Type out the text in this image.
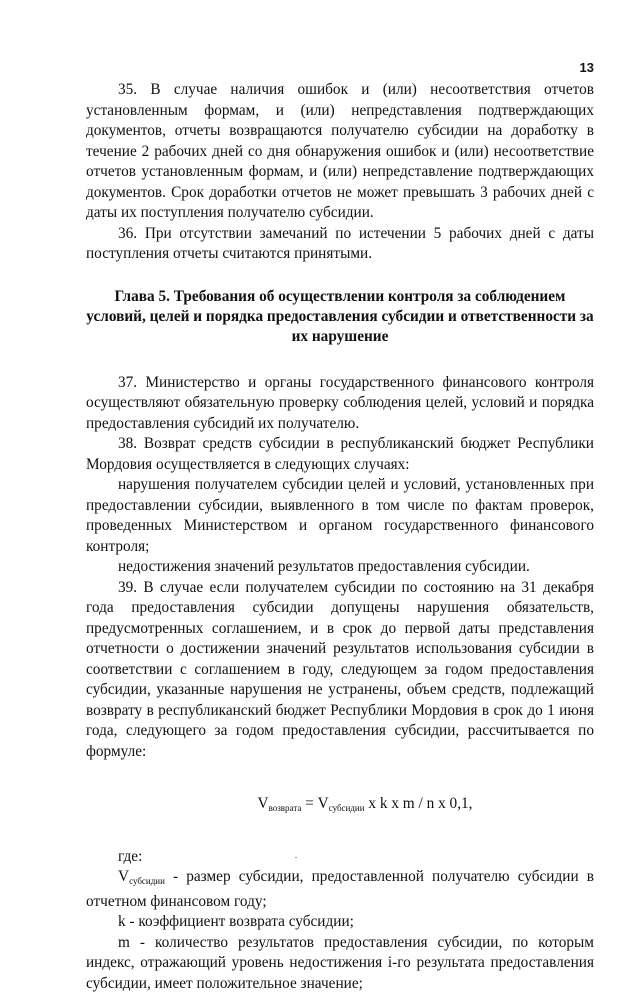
13

35. В случае наличия ошибок и (или) несоответствия отчетов установленным формам, и (или) непредставления подтверждающих документов, отчеты возвращаются получателю субсидии на доработку в течение 2 рабочих дней со дня обнаружения ошибок и (или) несоответствие отчетов установленным формам, и (или) непредставление подтверждающих документов. Срок доработки отчетов не может превышать 3 рабочих дней с даты их поступления получателю субсидии.

36. При отсутствии замечаний по истечении 5 рабочих дней с даты поступления отчеты считаются принятыми.

Глава 5. Требования об осуществлении контроля за соблюдением условий, целей и порядка предоставления субсидии и ответственности за их нарушение

37. Министерство и органы государственного финансового контроля осуществляют обязательную проверку соблюдения целей, условий и порядка предоставления субсидий их получателю.

38. Возврат средств субсидии в республиканский бюджет Республики Мордовия осуществляется в следующих случаях:

нарушения получателем субсидии целей и условий, установленных при предоставлении субсидии, выявленного в том числе по фактам проверок, проведенных Министерством и органом государственного финансового контроля;

недостижения значений результатов предоставления субсидии.

39. В случае если получателем субсидии по состоянию на 31 декабря года предоставления субсидии допущены нарушения обязательств, предусмотренных соглашением, и в срок до первой даты представления отчетности о достижении значений результатов использования субсидии в соответствии с соглашением в году, следующем за годом предоставления субсидии, указанные нарушения не устранены, объем средств, подлежащий возврату в республиканский бюджет Республики Мордовия в срок до 1 июня года, следующего за годом предоставления субсидии, рассчитывается по формуле:

$V_{возврата} = V_{субсидии}$ x k x m / n x 0,1,

где:

Vсубсидии - размер субсидии, предоставленной получателю субсидии в отчетном финансовом году;

k - коэффициент возврата субсидии;

m - количество результатов предоставления субсидии, по которым индекс, отражающий уровень недостижения i-го результата предоставления субсидии, имеет положительное значение;
